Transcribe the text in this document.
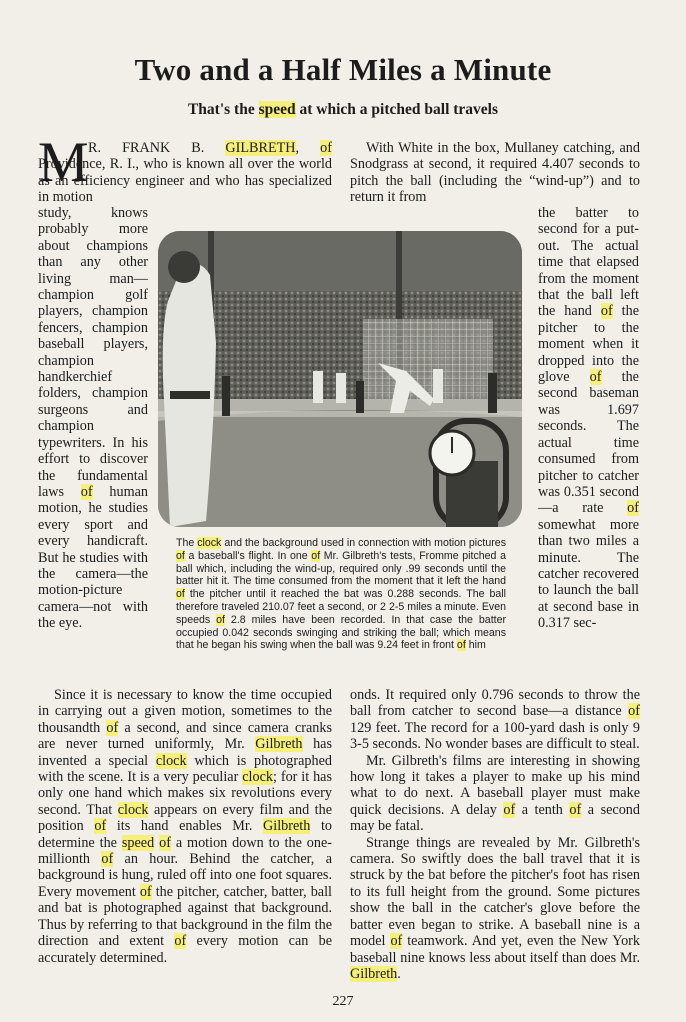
Two and a Half Miles a Minute
That's the speed at which a pitched ball travels
M R. FRANK B. GILBRETH, of Providence, R. I., who is known all over the world as an efficiency engineer and who has specialized in motion

With White in the box, Mullaney catching, and Snodgrass at second, it required 4.407 seconds to pitch the ball (including the “wind-up”) and to return it from

study, knows probably more about champions than any other living man—champion golf players, champion fencers, champion baseball players, champion handkerchief folders, champion surgeons and champion typewriters. In his effort to discover the fundamental laws of human motion, he studies every sport and every handicraft. But he studies with the camera—the motion-picture camera—not with the eye.
the batter to second for a put-out. The actual time that elapsed from the moment that the ball left the hand of the pitcher to the moment when it dropped into the glove of the second baseman was 1.697 seconds. The actual time consumed from pitcher to catcher was 0.351 second—a rate of somewhat more than two miles a minute. The catcher recovered to launch the ball at second base in 0.317 sec-

The clock and the background used in connection with motion pictures of a baseball's flight. In one of Mr. Gilbreth's tests, Fromme pitched a ball which, including the wind-up, required only .99 seconds until the batter hit it. The time consumed from the moment that it left the hand of the pitcher until it reached the bat was 0.288 seconds. The ball therefore traveled 210.07 feet a second, or 2 2-5 miles a minute. Even speeds of 2.8 miles have been recorded. In that case the batter occupied 0.042 seconds swinging and striking the ball; which means that he began his swing when the ball was 9.24 feet in front of him

Since it is necessary to know the time occupied in carrying out a given motion, sometimes to the thousandth of a second, and since camera cranks are never turned uniformly, Mr. Gilbreth has invented a special clock which is photographed with the scene. It is a very peculiar clock; for it has only one hand which makes six revolutions every second. That clock appears on every film and the position of its hand enables Mr. Gilbreth to determine the speed of a motion down to the one-millionth of an hour. Behind the catcher, a background is hung, ruled off into one foot squares. Every movement of the pitcher, catcher, batter, ball and bat is photographed against that background. Thus by referring to that background in the film the direction and extent of every motion can be accurately determined.

onds. It required only 0.796 seconds to throw the ball from catcher to second base—a distance of 129 feet. The record for a 100-yard dash is only 9 3-5 seconds. No wonder bases are difficult to steal.

Mr. Gilbreth's films are interesting in showing how long it takes a player to make up his mind what to do next. A baseball player must make quick decisions. A delay of a tenth of a second may be fatal.

Strange things are revealed by Mr. Gilbreth's camera. So swiftly does the ball travel that it is struck by the bat before the pitcher's foot has risen to its full height from the ground. Some pictures show the ball in the catcher's glove before the batter even began to strike. A baseball nine is a model of teamwork. And yet, even the New York baseball nine knows less about itself than does Mr. Gilbreth.

227
